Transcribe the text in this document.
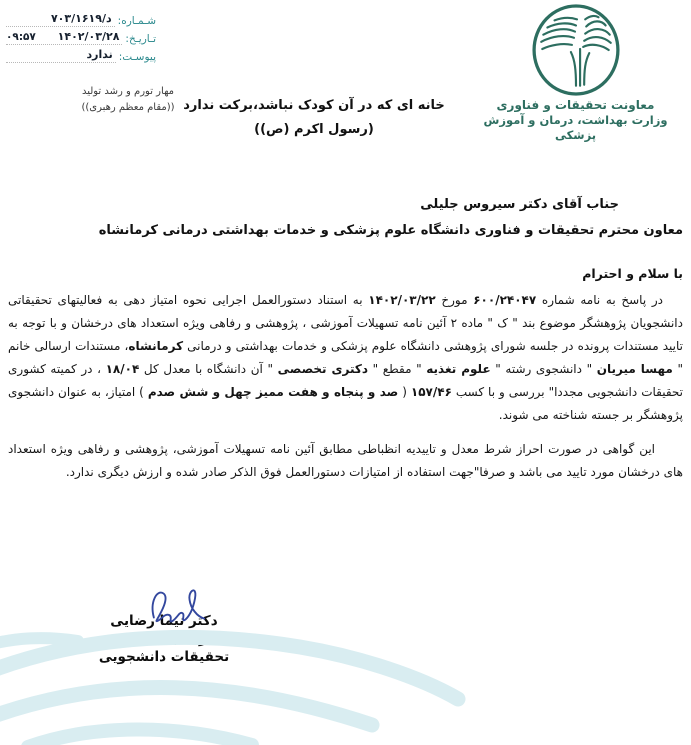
شـمـاره:
د/۷۰۳/۱۶۱۹
تـاریـخ:
۰۹:۵۷ ۱۴۰۲/۰۳/۲۸
پیوسـت:
ندارد
معاونت تحقیقات و فناوری
وزارت بهداشت، درمان و آموزش پزشکی
مهار تورم و رشد تولید
((مقام معظم رهبری)) خانه ای که در آن کودک نباشد،برکت ندارد (رسول اکرم (ص))
جناب آقای دکتر سیروس جلیلی
معاون محترم تحقیقات و فناوری دانشگاه علوم پزشکی و خدمات بهداشتی درمانی کرمانشاه
با سلام و احترام

در پاسخ به نامه شماره ۶۰۰/۲۴۰۴۷ مورخ ۱۴۰۲/۰۳/۲۲ به استناد دستورالعمل اجرایی نحوه امتیاز دهی به فعالیتهای تحقیقاتی دانشجویان پژوهشگر موضوع بند " ک " ماده ۲ آئین نامه تسهیلات آموزشی ، پژوهشی و رفاهی ویژه استعداد های درخشان و با توجه به تایید مستندات پرونده در جلسه شورای پژوهشی دانشگاه علوم پزشکی و خدمات بهداشتی و درمانی کرمانشاه، مستندات ارسالی خانم " مهسا میریان " دانشجوی رشته " علوم تغذیه " مقطع " دکتری تخصصی " آن دانشگاه با معدل کل ۱۸/۰۴ ، در کمیته کشوری تحقیقات دانشجویی مجددا" بررسی و با کسب ۱۵۷/۴۶ ( صد و پنجاه و هفت ممیز چهل و شش صدم ) امتیاز، به عنوان دانشجوی پژوهشگر بر جسته شناخته می شوند.

این گواهی در صورت احراز شرط معدل و تاییدیه انظباطی مطابق آئین نامه تسهیلات آموزشی، پژوهشی و رفاهی ویژه استعداد های درخشان مورد تایید می باشد و صرفا"جهت استفاده از امتیازات دستورالعمل فوق الذکر صادر شده و ارزش دیگری ندارد.

دکتر نیما رضایی
دبیر کمیته کشوری
تحقیقات دانشجویی
